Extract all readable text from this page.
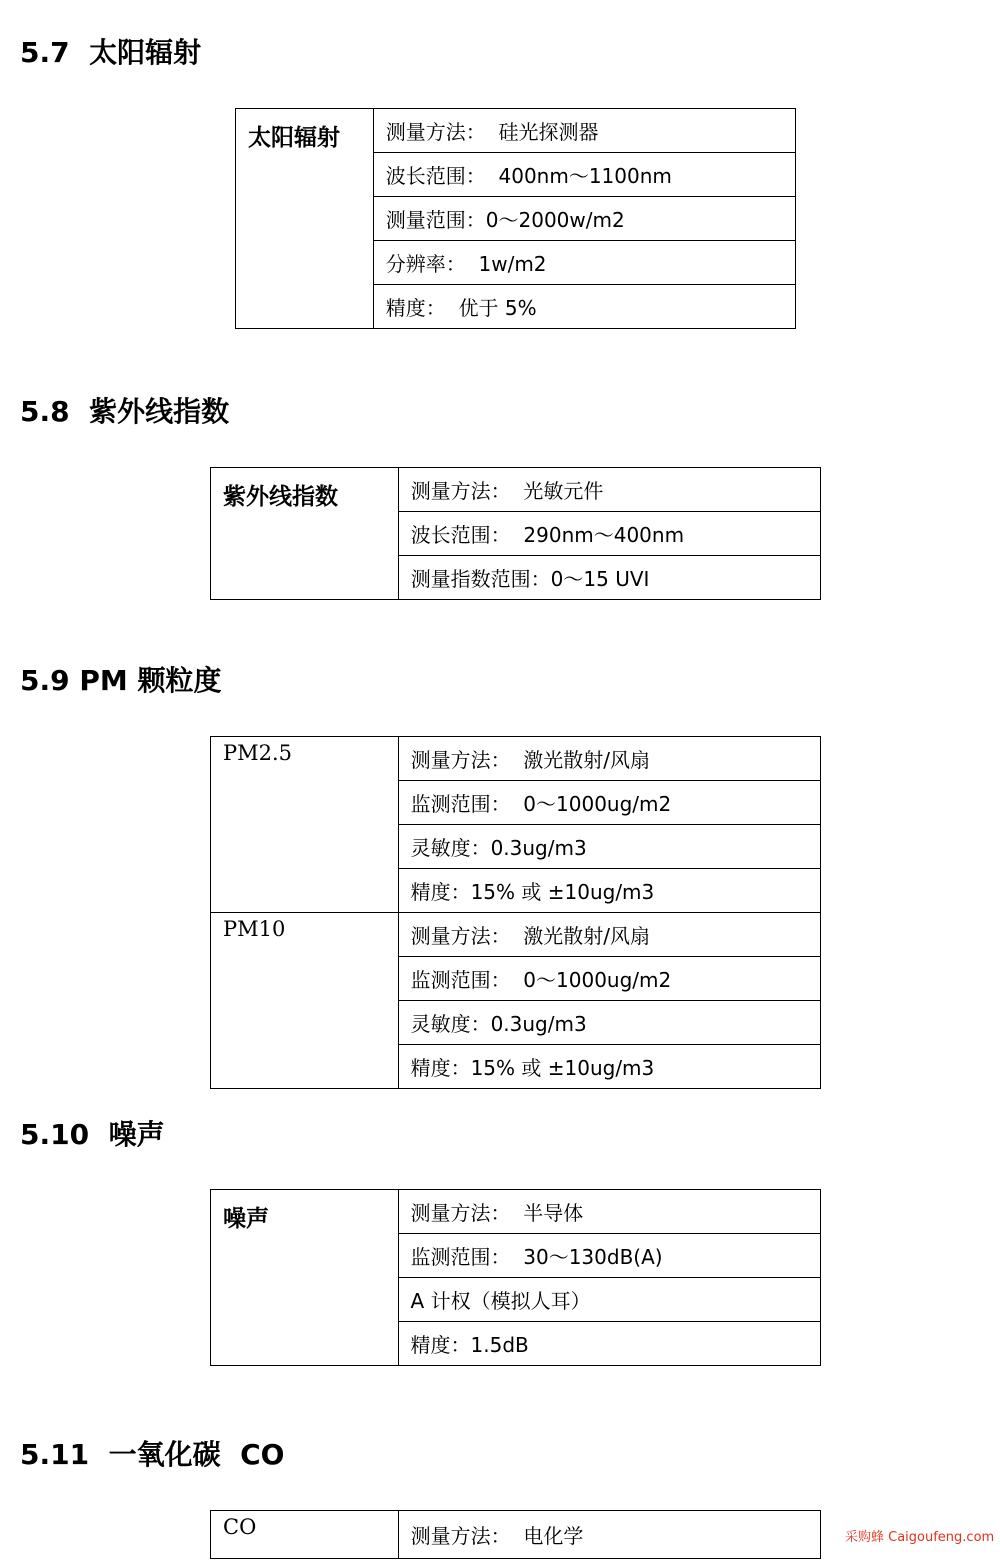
5.7  太阳辐射
太阳辐射	测量方法：  硅光探测器
波长范围：  400nm～1100nm
测量范围：0～2000w/m2
分辨率：  1w/m2
精度：  优于 5%
5.8  紫外线指数
紫外线指数	测量方法：  光敏元件
波长范围：  290nm～400nm
测量指数范围：0～15 UVI
5.9 PM 颗粒度
PM2.5	测量方法：  激光散射/风扇
	监测范围：  0～1000ug/m2
	灵敏度：0.3ug/m3
	精度：15% 或 ±10ug/m3
PM10	测量方法：  激光散射/风扇
	监测范围：  0～1000ug/m2
	灵敏度：0.3ug/m3
	精度：15% 或 ±10ug/m3
5.10  噪声
噪声	测量方法：  半导体
监测范围：  30～130dB(A)
A 计权（模拟人耳）
精度：1.5dB
5.11  一氧化碳  CO
CO	测量方法：  电化学	采购蜂 Caigoufeng.com
